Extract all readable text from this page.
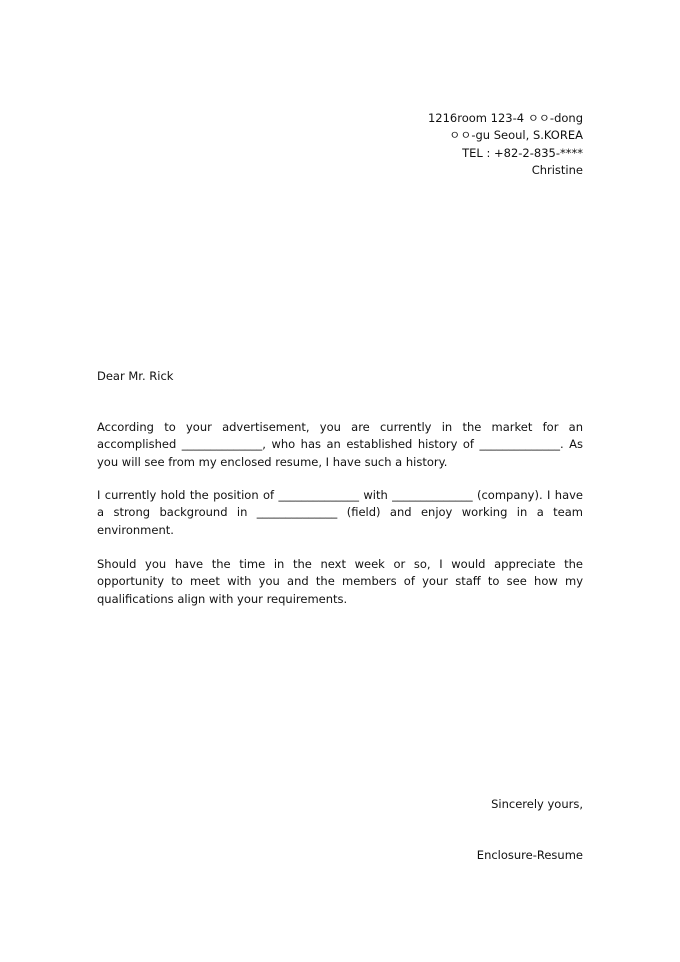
1216room 123-4 ㅇㅇ-dong
ㅇㅇ-gu Seoul, S.KOREA
TEL : +82-2-835-****
Christine
Dear Mr. Rick
According to your advertisement, you are currently in the market for an accomplished ______________, who has an established history of ______________. As you will see from my enclosed resume, I have such a history.
I currently hold the position of ______________ with ______________ (company). I have a strong background in ______________ (field) and enjoy working in a team environment.
Should you have the time in the next week or so, I would appreciate the opportunity to meet with you and the members of your staff to see how my qualifications align with your requirements.
Sincerely yours,
Enclosure-Resume
